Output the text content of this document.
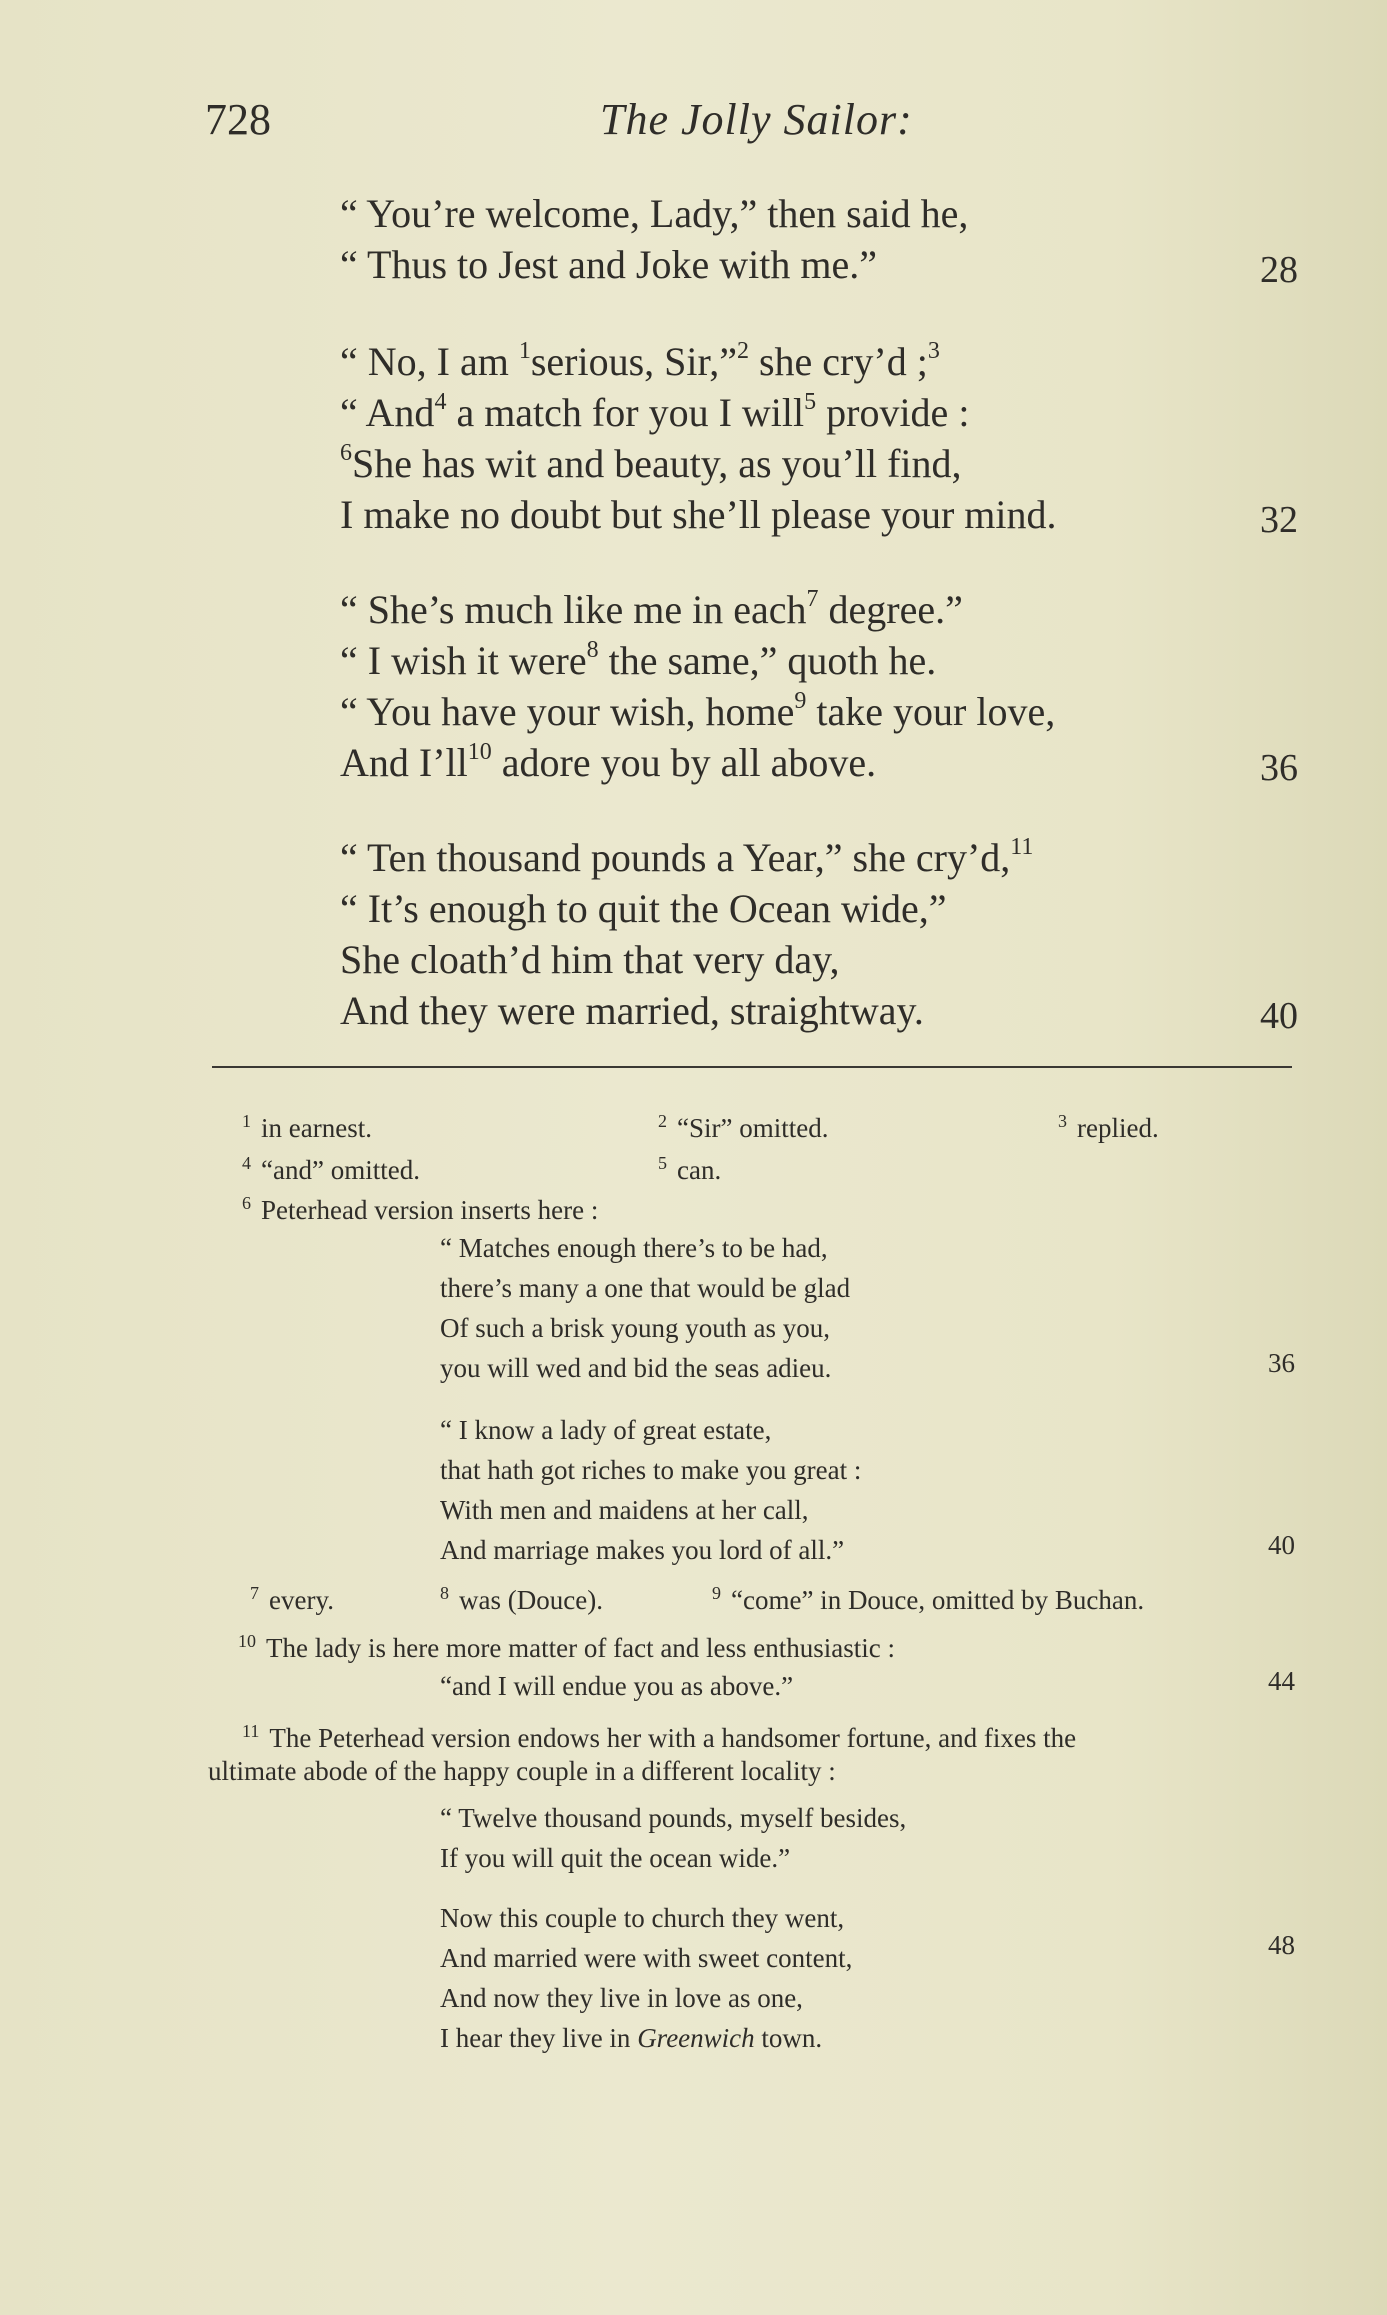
728	The Jolly Sailor:
“ You’re welcome, Lady,” then said he,
“ Thus to Jest and Joke with me.”	28
“ No, I am $^1$serious, Sir,”$^2$ she cry’d ;$^3$
“ And$^4$ a match for you I will$^5$ provide :
$^6$She has wit and beauty, as you’ll find,
I make no doubt but she’ll please your mind.	32
“ She’s much like me in each$^7$ degree.”
“ I wish it were$^8$ the same,” quoth he.
“ You have your wish, home$^9$ take your love,
And $I’ll^{10}$ adore you by all above.	36
“ Ten thousand pounds a Year,” she cry’d,$^{11}$
“ It’s enough to quit the Ocean wide,”
She cloath’d him that very day,
And they were married, straightway.	40
1 in earnest.	2 “Sir” omitted.	3 replied.
4 “and” omitted.	5 can.
6 Peterhead version inserts here :
“ Matches enough there’s to be had,
there’s many a one that would be glad
Of such a brisk young youth as you,
you will wed and bid the seas adieu.	36
“ I know a lady of great estate,
that hath got riches to make you great :
With men and maidens at her call,
And marriage makes you lord of all.”	40
7 every.	8 was (Douce).	9 “come” in Douce, omitted by Buchan.
10 The lady is here more matter of fact and less enthusiastic :
“and I will endue you as above.”	44
11 The Peterhead version endows her with a handsomer fortune, and fixes the
ultimate abode of the happy couple in a different locality :
“ Twelve thousand pounds, myself besides,
If you will quit the ocean wide.”
Now this couple to church they went,
And married were with sweet content,	48
And now they live in love as one,
I hear they live in Greenwich town.
